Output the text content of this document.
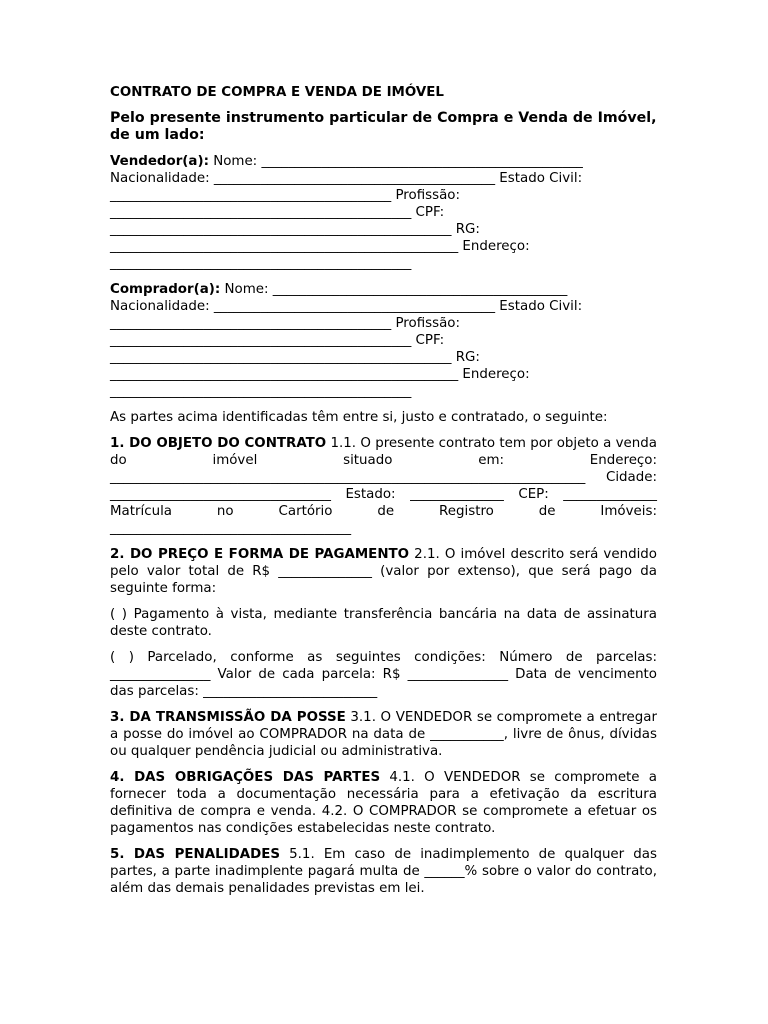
CONTRATO DE COMPRA E VENDA DE IMÓVEL
Pelo presente instrumento particular de Compra e Venda de Imóvel, de um lado:

Vendedor(a): Nome: ________________________________________________
Nacionalidade: __________________________________________ Estado Civil: __________________________________________ Profissão: _____________________________________________ CPF: ___________________________________________________ RG: ____________________________________________________ Endereço: _____________________________________________

Comprador(a): Nome: ____________________________________________
Nacionalidade: __________________________________________ Estado Civil: __________________________________________ Profissão: _____________________________________________ CPF: ___________________________________________________ RG: ____________________________________________________ Endereço: _____________________________________________

As partes acima identificadas têm entre si, justo e contratado, o seguinte:

1. DO OBJETO DO CONTRATO 1.1. O presente contrato tem por objeto a venda do imóvel situado em: Endereço: _______________________________________________________________________ Cidade: _________________________________ Estado: ______________ CEP: ______________ Matrícula no Cartório de Registro de Imóveis: ____________________________________

2. DO PREÇO E FORMA DE PAGAMENTO 2.1. O imóvel descrito será vendido pelo valor total de R$ ______________ (valor por extenso), que será pago da seguinte forma:

( ) Pagamento à vista, mediante transferência bancária na data de assinatura deste contrato.

( ) Parcelado, conforme as seguintes condições: Número de parcelas: _______________ Valor de cada parcela: R$ _______________ Data de vencimento das parcelas: __________________________

3. DA TRANSMISSÃO DA POSSE 3.1. O VENDEDOR se compromete a entregar a posse do imóvel ao COMPRADOR na data de ___________, livre de ônus, dívidas ou qualquer pendência judicial ou administrativa.

4. DAS OBRIGAÇÕES DAS PARTES 4.1. O VENDEDOR se compromete a fornecer toda a documentação necessária para a efetivação da escritura definitiva de compra e venda. 4.2. O COMPRADOR se compromete a efetuar os pagamentos nas condições estabelecidas neste contrato.

5. DAS PENALIDADES 5.1. Em caso de inadimplemento de qualquer das partes, a parte inadimplente pagará multa de ______% sobre o valor do contrato, além das demais penalidades previstas em lei.
